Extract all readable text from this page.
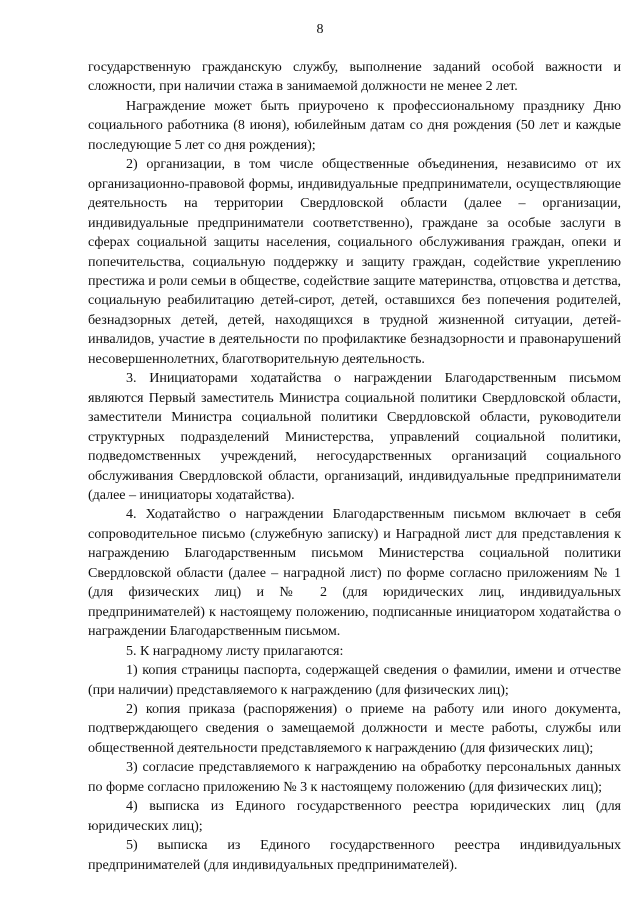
8

государственную гражданскую службу, выполнение заданий особой важности и сложности, при наличии стажа в занимаемой должности не менее 2 лет.

Награждение может быть приурочено к профессиональному празднику Дню социального работника (8 июня), юбилейным датам со дня рождения (50 лет и каждые последующие 5 лет со дня рождения);

2) организации, в том числе общественные объединения, независимо от их организационно-правовой формы, индивидуальные предприниматели, осуществляющие деятельность на территории Свердловской области (далее – организации, индивидуальные предприниматели соответственно), граждане за особые заслуги в сферах социальной защиты населения, социального обслуживания граждан, опеки и попечительства, социальную поддержку и защиту граждан, содействие укреплению престижа и роли семьи в обществе, содействие защите материнства, отцовства и детства, социальную реабилитацию детей-сирот, детей, оставшихся без попечения родителей, безнадзорных детей, детей, находящихся в трудной жизненной ситуации, детей-инвалидов, участие в деятельности по профилактике безнадзорности и правонарушений несовершеннолетних, благотворительную деятельность.

3. Инициаторами ходатайства о награждении Благодарственным письмом являются Первый заместитель Министра социальной политики Свердловской области, заместители Министра социальной политики Свердловской области, руководители структурных подразделений Министерства, управлений социальной политики, подведомственных учреждений, негосударственных организаций социального обслуживания Свердловской области, организаций, индивидуальные предприниматели (далее – инициаторы ходатайства).

4. Ходатайство о награждении Благодарственным письмом включает в себя сопроводительное письмо (служебную записку) и Наградной лист для представления к награждению Благодарственным письмом Министерства социальной политики Свердловской области (далее – наградной лист) по форме согласно приложениям № 1 (для физических лиц) и № 2 (для юридических лиц, индивидуальных предпринимателей) к настоящему положению, подписанные инициатором ходатайства о награждении Благодарственным письмом.

5. К наградному листу прилагаются:

1) копия страницы паспорта, содержащей сведения о фамилии, имени и отчестве (при наличии) представляемого к награждению (для физических лиц);

2) копия приказа (распоряжения) о приеме на работу или иного документа, подтверждающего сведения о замещаемой должности и месте работы, службы или общественной деятельности представляемого к награждению (для физических лиц);

3) согласие представляемого к награждению на обработку персональных данных по форме согласно приложению № 3 к настоящему положению (для физических лиц);

4) выписка из Единого государственного реестра юридических лиц (для юридических лиц);

5) выписка из Единого государственного реестра индивидуальных предпринимателей (для индивидуальных предпринимателей).
